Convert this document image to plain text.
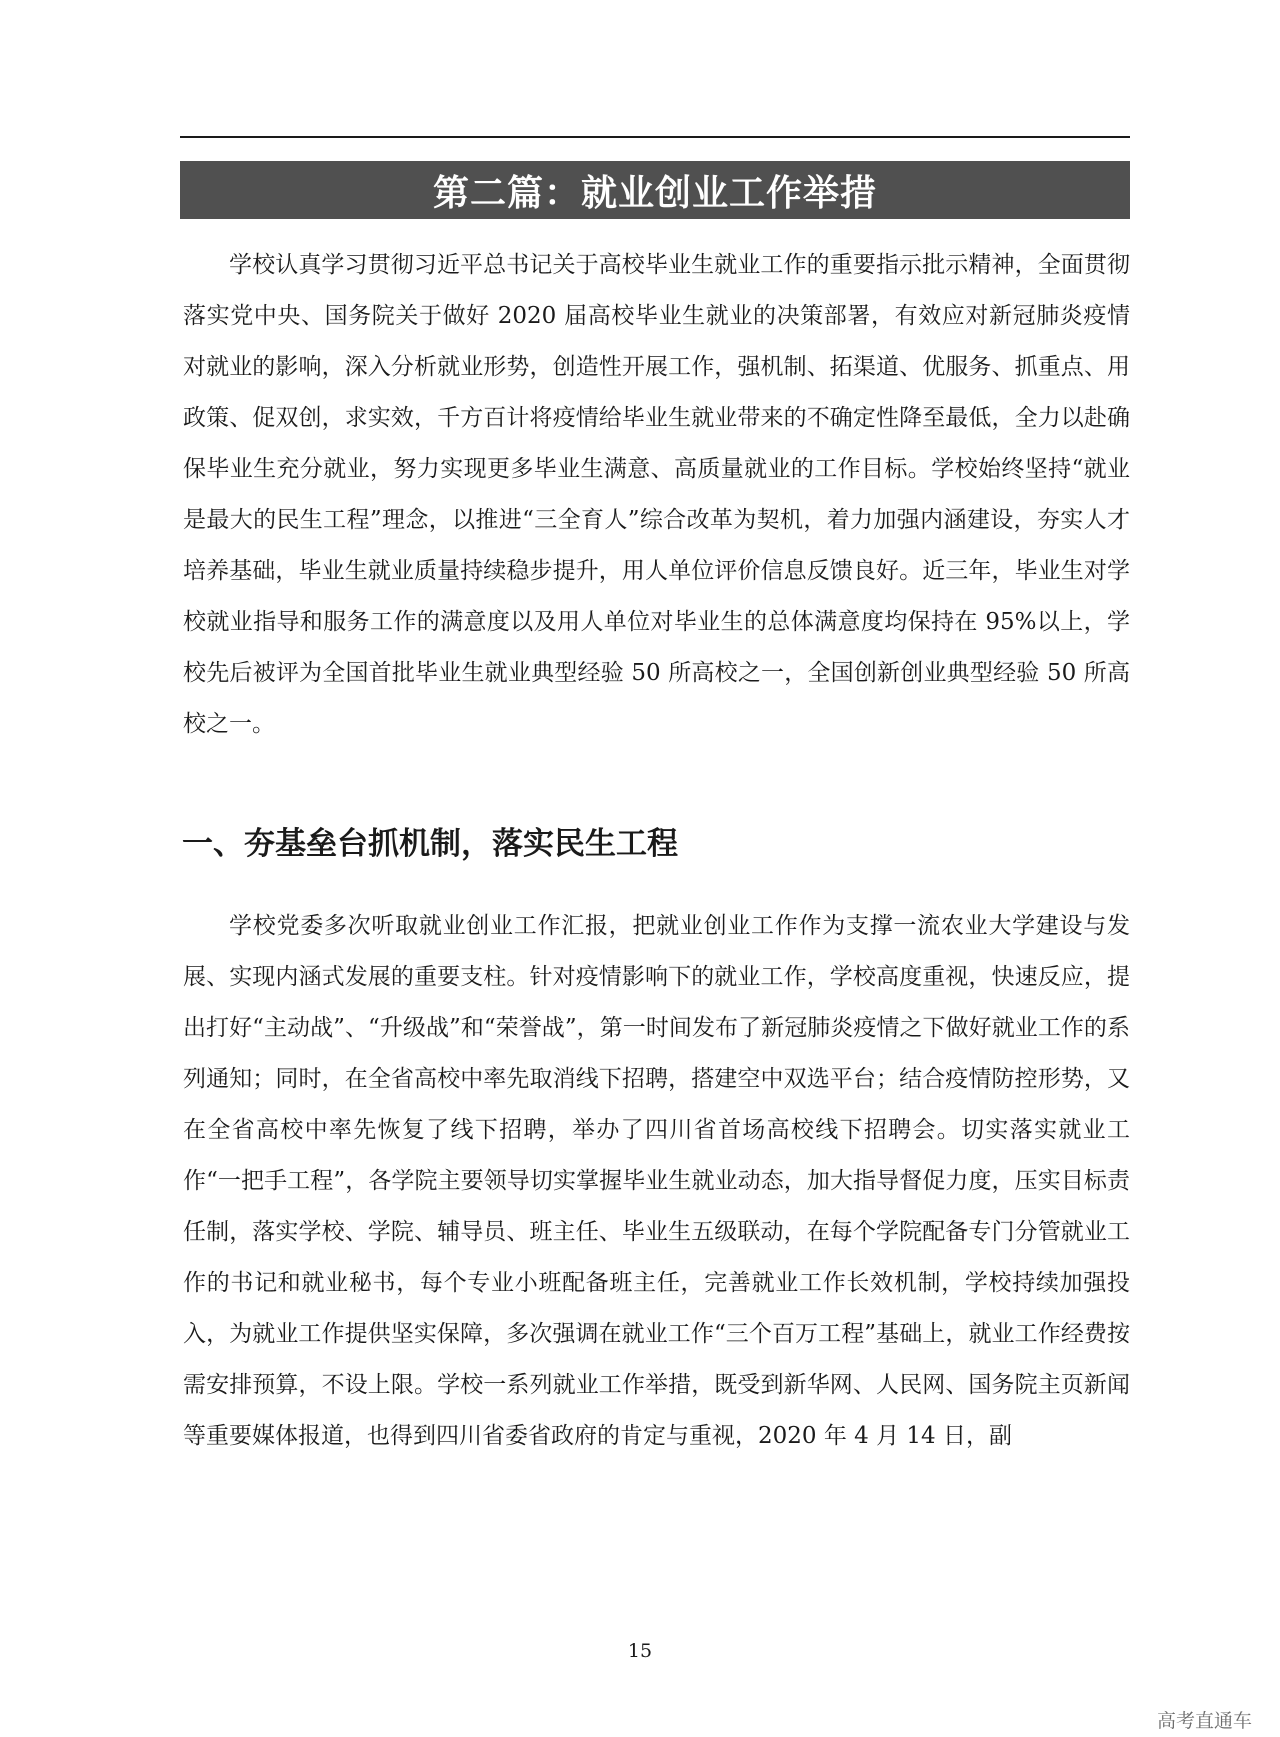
第二篇：就业创业工作举措

学校认真学习贯彻习近平总书记关于高校毕业生就业工作的重要指示批示精神，全面贯彻落实党中央、国务院关于做好 2020 届高校毕业生就业的决策部署，有效应对新冠肺炎疫情对就业的影响，深入分析就业形势，创造性开展工作，强机制、拓渠道、优服务、抓重点、用政策、促双创，求实效，千方百计将疫情给毕业生就业带来的不确定性降至最低，全力以赴确保毕业生充分就业，努力实现更多毕业生满意、高质量就业的工作目标。学校始终坚持“就业是最大的民生工程”理念，以推进“三全育人”综合改革为契机，着力加强内涵建设，夯实人才培养基础，毕业生就业质量持续稳步提升，用人单位评价信息反馈良好。近三年，毕业生对学校就业指导和服务工作的满意度以及用人单位对毕业生的总体满意度均保持在 95%以上，学校先后被评为全国首批毕业生就业典型经验 50 所高校之一，全国创新创业典型经验 50 所高校之一。

一、夯基垒台抓机制，落实民生工程

学校党委多次听取就业创业工作汇报，把就业创业工作作为支撑一流农业大学建设与发展、实现内涵式发展的重要支柱。针对疫情影响下的就业工作，学校高度重视，快速反应，提出打好“主动战”、“升级战”和“荣誉战”，第一时间发布了新冠肺炎疫情之下做好就业工作的系列通知；同时，在全省高校中率先取消线下招聘，搭建空中双选平台；结合疫情防控形势，又在全省高校中率先恢复了线下招聘，举办了四川省首场高校线下招聘会。切实落实就业工作“一把手工程”，各学院主要领导切实掌握毕业生就业动态，加大指导督促力度，压实目标责任制，落实学校、学院、辅导员、班主任、毕业生五级联动，在每个学院配备专门分管就业工作的书记和就业秘书，每个专业小班配备班主任，完善就业工作长效机制，学校持续加强投入，为就业工作提供坚实保障，多次强调在就业工作“三个百万工程”基础上，就业工作经费按需安排预算，不设上限。学校一系列就业工作举措，既受到新华网、人民网、国务院主页新闻等重要媒体报道，也得到四川省委省政府的肯定与重视，2020 年 4 月 14 日，副

15
高考直通车
